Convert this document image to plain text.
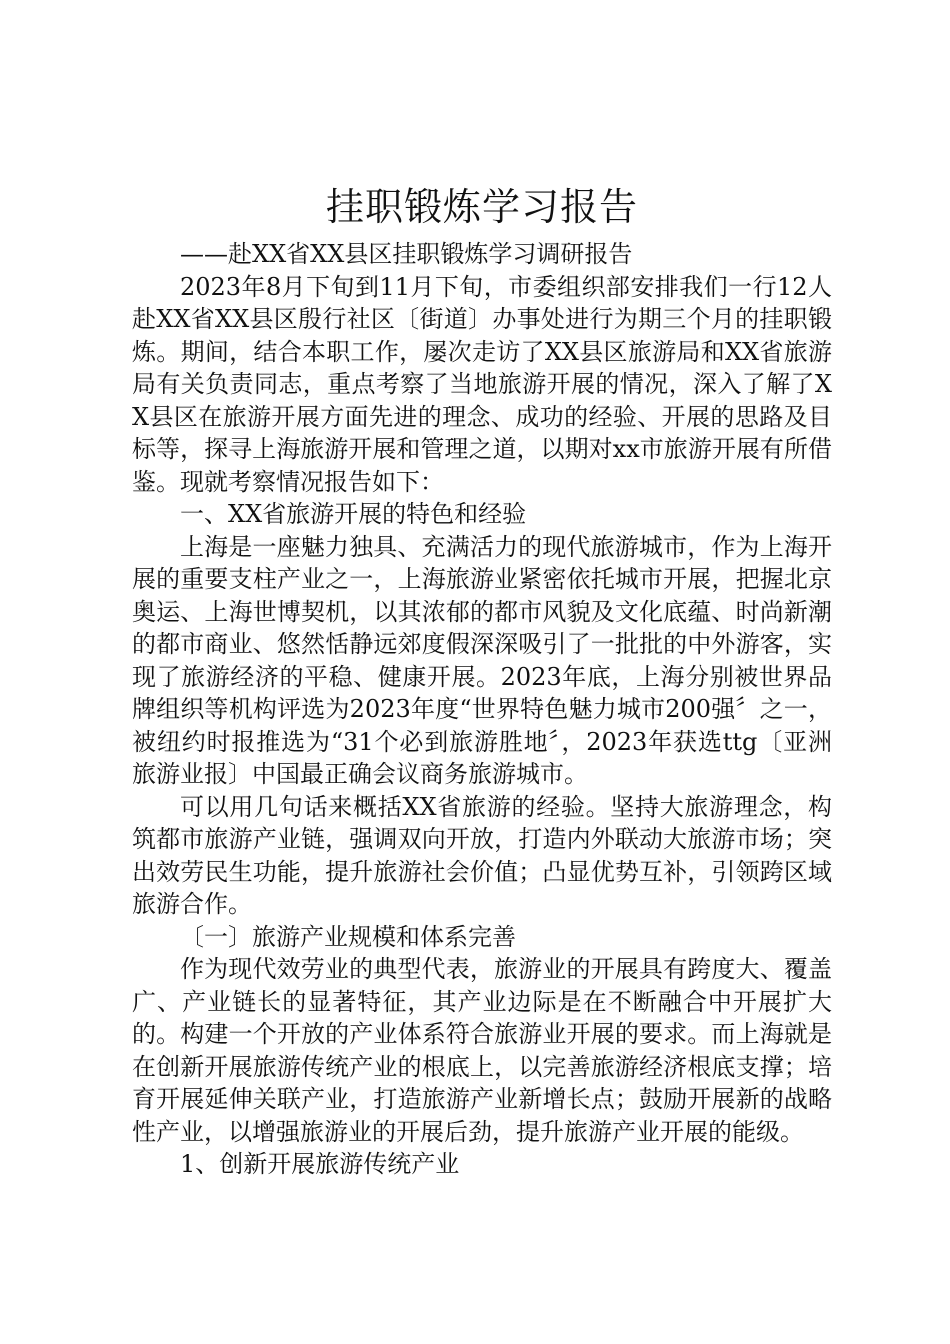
挂职锻炼学习报告

——赴XX省XX县区挂职锻炼学习调研报告

2023年8月下旬到11月下旬，市委组织部安排我们一行12人赴XX省XX县区殷行社区〔街道〕办事处进行为期三个月的挂职锻炼。期间，结合本职工作，屡次走访了XX县区旅游局和XX省旅游局有关负责同志，重点考察了当地旅游开展的情况，深入了解了XX县区在旅游开展方面先进的理念、成功的经验、开展的思路及目标等，探寻上海旅游开展和管理之道，以期对xx市旅游开展有所借鉴。现就考察情况报告如下：

一、XX省旅游开展的特色和经验

上海是一座魅力独具、充满活力的现代旅游城市，作为上海开展的重要支柱产业之一，上海旅游业紧密依托城市开展，把握北京奥运、上海世博契机，以其浓郁的都市风貌及文化底蕴、时尚新潮的都市商业、悠然恬静远郊度假深深吸引了一批批的中外游客，实现了旅游经济的平稳、健康开展。2023年底，上海分别被世界品牌组织等机构评选为2023年度“世界特色魅力城市200强〞之一，被纽约时报推选为“31个必到旅游胜地〞，2023年获选ttg〔亚洲旅游业报〕中国最正确会议商务旅游城市。

可以用几句话来概括XX省旅游的经验。坚持大旅游理念，构筑都市旅游产业链，强调双向开放，打造内外联动大旅游市场；突出效劳民生功能，提升旅游社会价值；凸显优势互补，引领跨区域旅游合作。

〔一〕旅游产业规模和体系完善

作为现代效劳业的典型代表，旅游业的开展具有跨度大、覆盖广、产业链长的显著特征，其产业边际是在不断融合中开展扩大的。构建一个开放的产业体系符合旅游业开展的要求。而上海就是在创新开展旅游传统产业的根底上，以完善旅游经济根底支撑；培育开展延伸关联产业，打造旅游产业新增长点；鼓励开展新的战略性产业，以增强旅游业的开展后劲，提升旅游产业开展的能级。

1、创新开展旅游传统产业
